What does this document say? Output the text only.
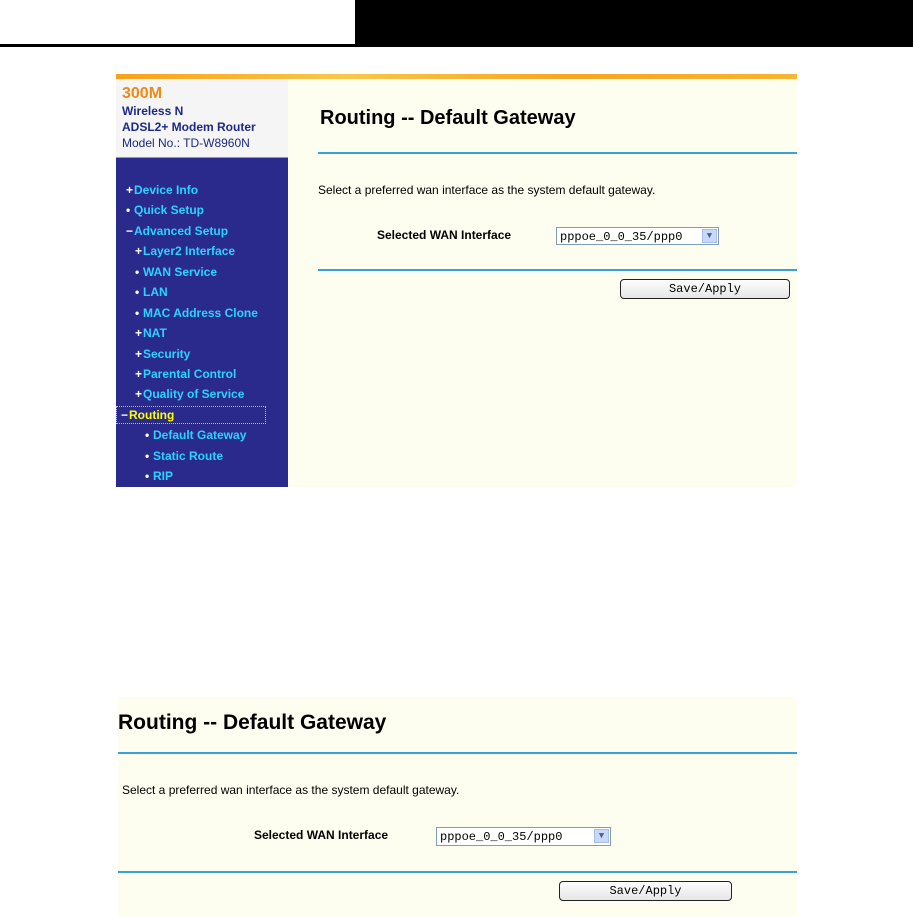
300M
Wireless N
ADSL2+ Modem Router
Model No.: TD-W8960N
+Device Info
• Quick Setup
−Advanced Setup
+Layer2 Interface
• WAN Service
• LAN
• MAC Address Clone
+NAT
+Security
+Parental Control
+Quality of Service
−Routing
• Default Gateway
• Static Route
• RIP
Routing -- Default Gateway
Select a preferred wan interface as the system default gateway.
Selected WAN Interface	pppoe_0_0_35/ppp0	▼
Save/Apply
Routing -- Default Gateway
Select a preferred wan interface as the system default gateway.
Selected WAN Interface	pppoe_0_0_35/ppp0	▼
Save/Apply
